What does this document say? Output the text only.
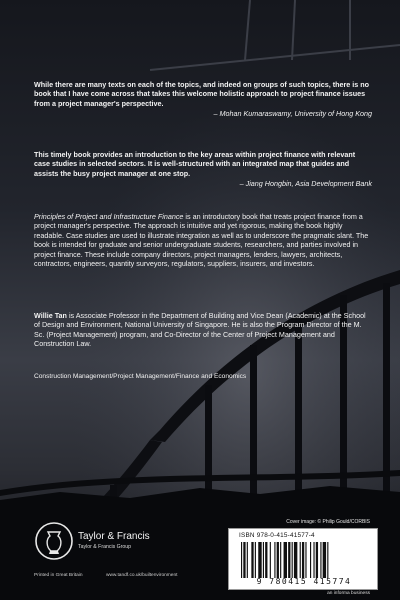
While there are many texts on each of the topics, and indeed on groups of such topics, there is no book that I have come across that takes this welcome holistic approach to project finance issues from a project manager's perspective.

– Mohan Kumaraswamy, University of Hong Kong

This timely book provides an introduction to the key areas within project finance with relevant case studies in selected sectors. It is well-structured with an integrated map that guides and assists the busy project manager at one stop.

– Jiang Hongbin, Asia Development Bank

Principles of Project and Infrastructure Finance is an introductory book that treats project finance from a project manager's perspective. The approach is intuitive and yet rigorous, making the book highly readable. Case studies are used to illustrate integration as well as to underscore the pragmatic slant. The book is intended for graduate and senior undergraduate students, researchers, and parties involved in project finance. These include company directors, project managers, lenders, lawyers, architects, contractors, engineers, quantity surveyors, regulators, suppliers, insurers, and investors.

Willie Tan is Associate Professor in the Department of Building and Vice Dean (Academic) at the School of Design and Environment, National University of Singapore. He is also the Program Director of the M. Sc. (Project Management) program, and Co-Director of the Center of Project Management and Construction Law.

Construction Management/Project Management/Finance and Economics
Cover image: © Philip Gould/CORBIS
Taylor & Francis
Taylor & Francis Group
Printed in Great Britain	www.tandf.co.uk/builtenvironment
ISBN 978-0-415-41577-4
9 780415 415774
an informa business
